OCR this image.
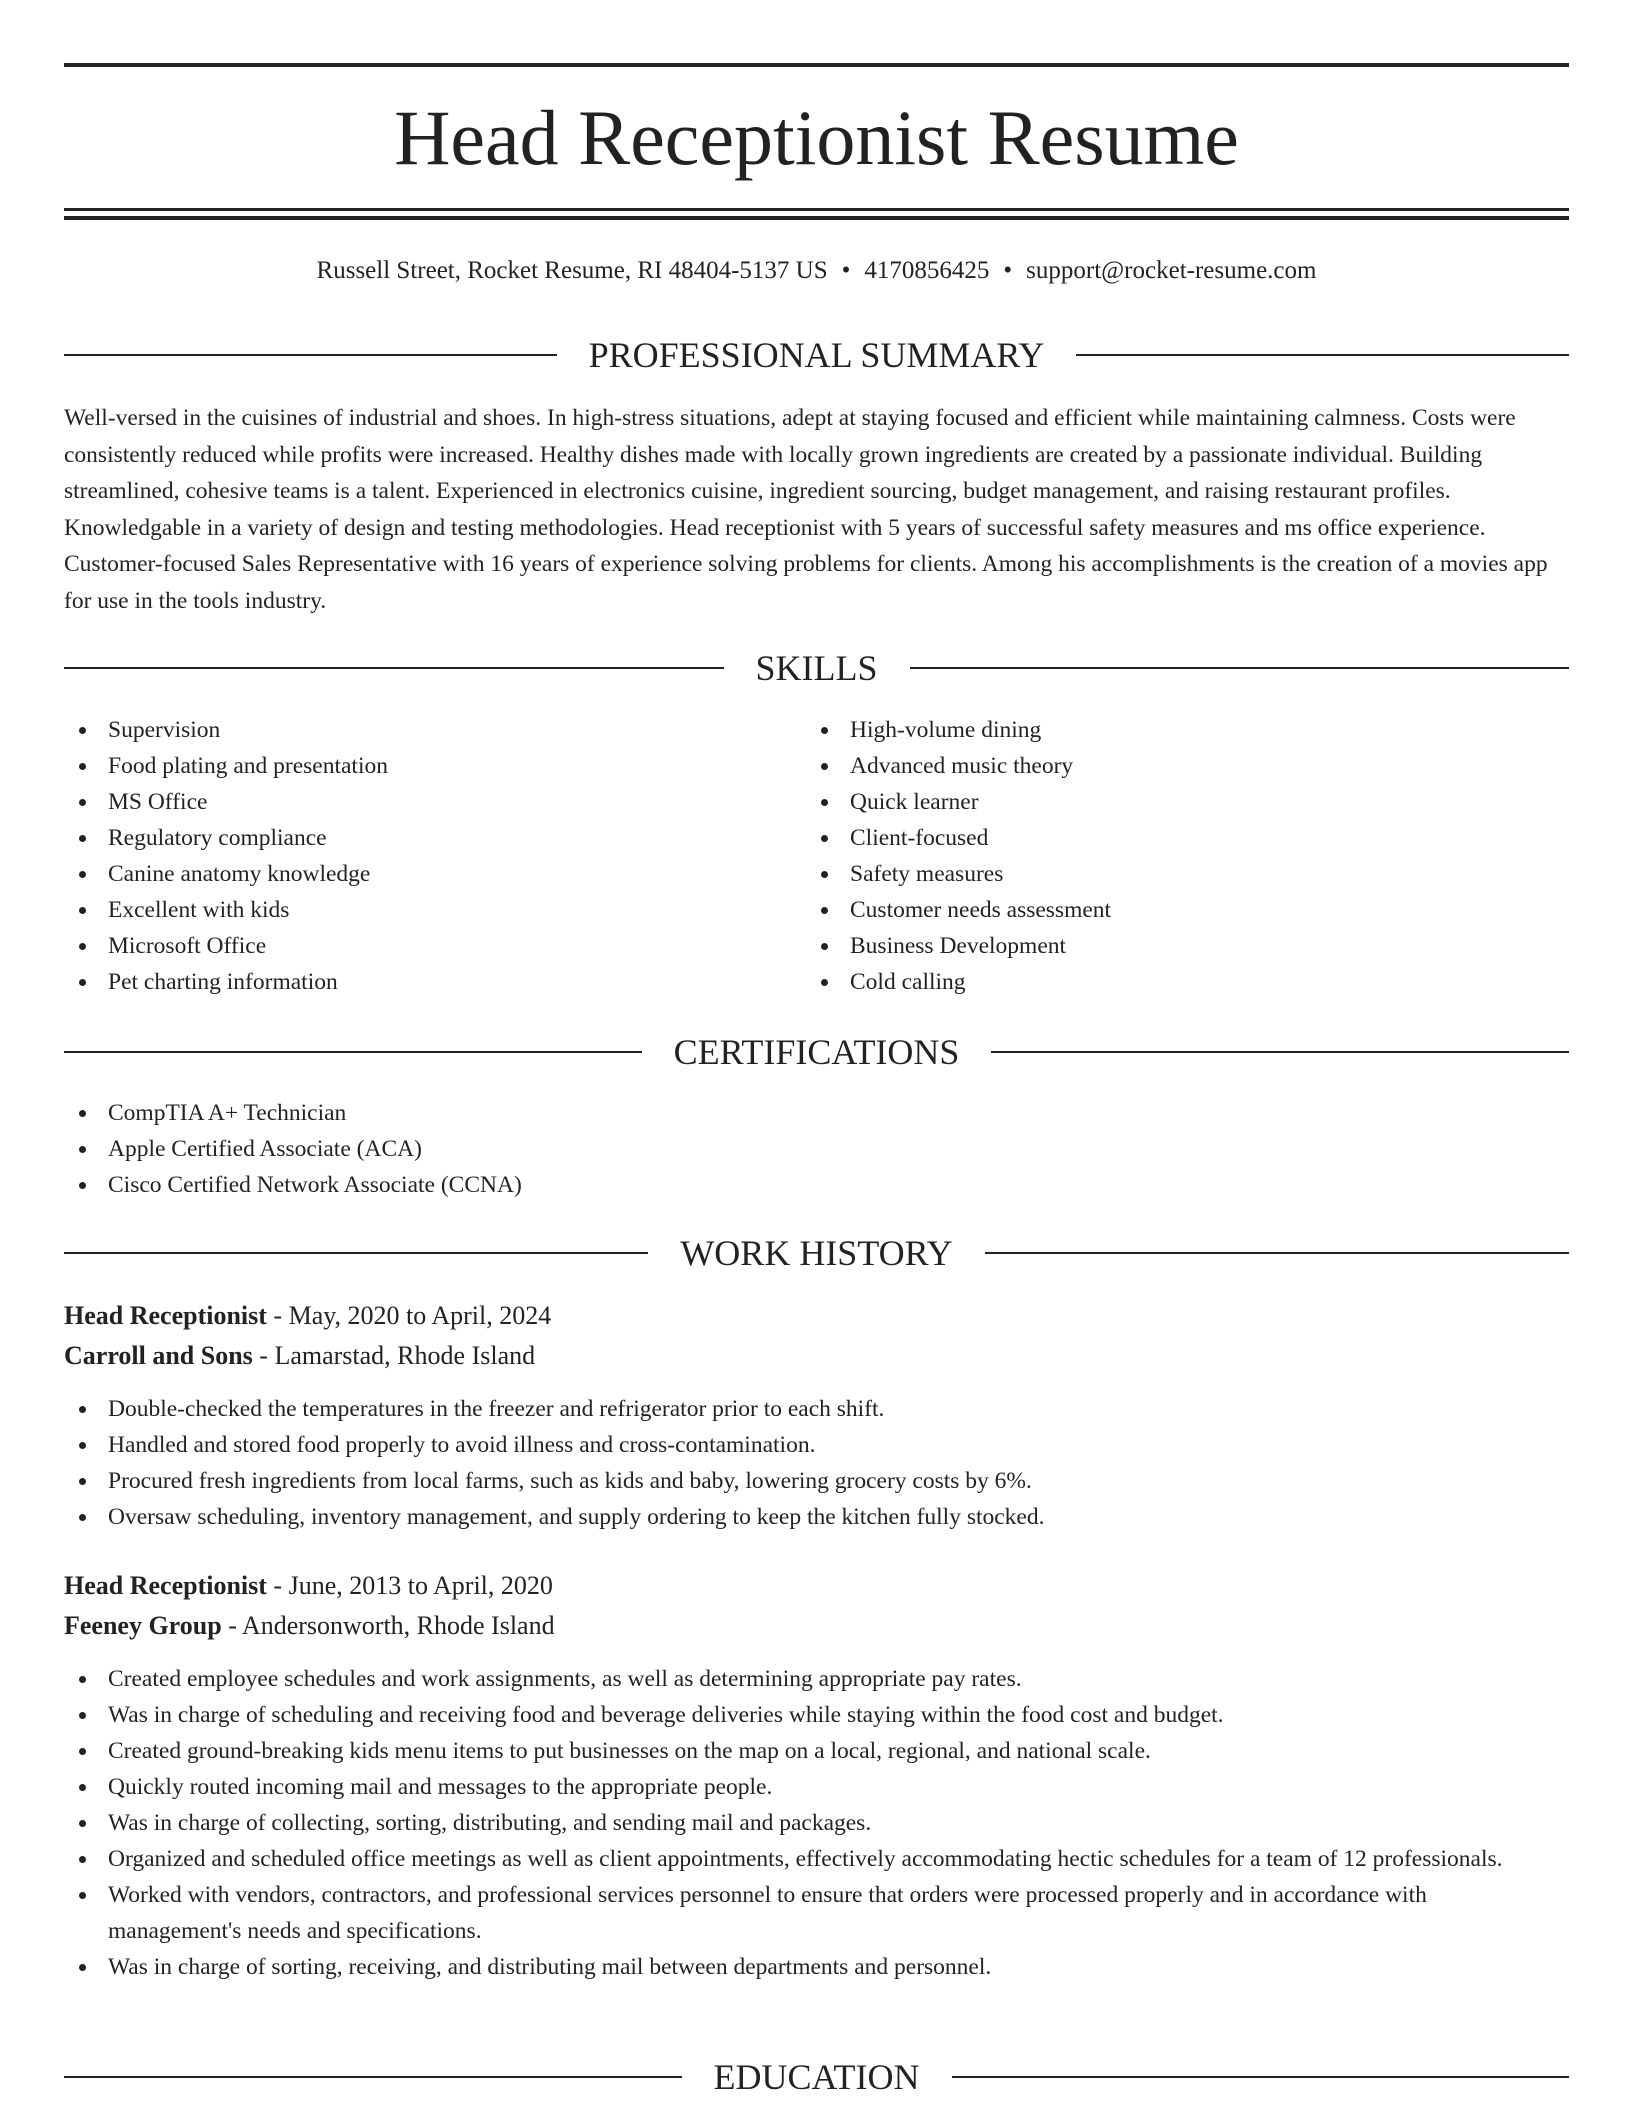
Head Receptionist Resume
Russell Street, Rocket Resume, RI 48404-5137 US • 4170856425 • support@rocket-resume.com
PROFESSIONAL SUMMARY

Well-versed in the cuisines of industrial and shoes. In high-stress situations, adept at staying focused and efficient while maintaining calmness. Costs were consistently reduced while profits were increased. Healthy dishes made with locally grown ingredients are created by a passionate individual. Building streamlined, cohesive teams is a talent. Experienced in electronics cuisine, ingredient sourcing, budget management, and raising restaurant profiles. Knowledgable in a variety of design and testing methodologies. Head receptionist with 5 years of successful safety measures and ms office experience. Customer-focused Sales Representative with 16 years of experience solving problems for clients. Among his accomplishments is the creation of a movies app for use in the tools industry.

SKILLS
Supervision
Food plating and presentation
MS Office
Regulatory compliance
Canine anatomy knowledge
Excellent with kids
Microsoft Office
Pet charting information
High-volume dining
Advanced music theory
Quick learner
Client-focused
Safety measures
Customer needs assessment
Business Development
Cold calling
CERTIFICATIONS
CompTIA A+ Technician
Apple Certified Associate (ACA)
Cisco Certified Network Associate (CCNA)
WORK HISTORY
Head Receptionist - May, 2020 to April, 2024
Carroll and Sons - Lamarstad, Rhode Island
Double-checked the temperatures in the freezer and refrigerator prior to each shift.
Handled and stored food properly to avoid illness and cross-contamination.
Procured fresh ingredients from local farms, such as kids and baby, lowering grocery costs by 6%.
Oversaw scheduling, inventory management, and supply ordering to keep the kitchen fully stocked.
Head Receptionist - June, 2013 to April, 2020
Feeney Group - Andersonworth, Rhode Island
Created employee schedules and work assignments, as well as determining appropriate pay rates.
Was in charge of scheduling and receiving food and beverage deliveries while staying within the food cost and budget.
Created ground-breaking kids menu items to put businesses on the map on a local, regional, and national scale.
Quickly routed incoming mail and messages to the appropriate people.
Was in charge of collecting, sorting, distributing, and sending mail and packages.
Organized and scheduled office meetings as well as client appointments, effectively accommodating hectic schedules for a team of 12 professionals.
Worked with vendors, contractors, and professional services personnel to ensure that orders were processed properly and in accordance with management's needs and specifications.
Was in charge of sorting, receiving, and distributing mail between departments and personnel.
EDUCATION
